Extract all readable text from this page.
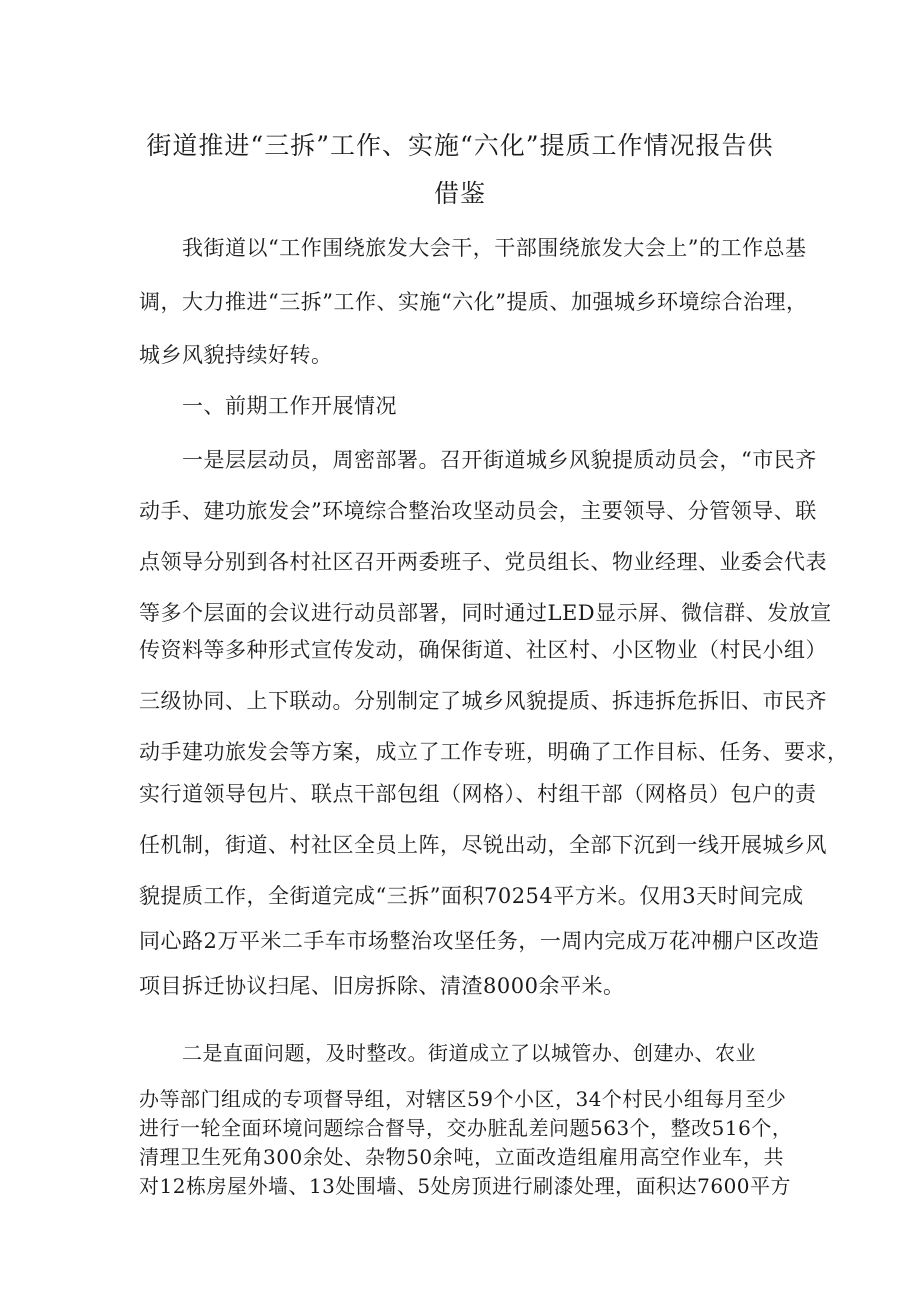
街道推进“三拆”工作、实施“六化”提质工作情况报告供
借鉴
我街道以“工作围绕旅发大会干，干部围绕旅发大会上”的工作总基
调，大力推进“三拆”工作、实施“六化”提质、加强城乡环境综合治理，
城乡风貌持续好转。
一、前期工作开展情况
一是层层动员，周密部署。召开街道城乡风貌提质动员会，“市民齐
动手、建功旅发会”环境综合整治攻坚动员会，主要领导、分管领导、联
点领导分别到各村社区召开两委班子、党员组长、物业经理、业委会代表
等多个层面的会议进行动员部署，同时通过LED显示屏、微信群、发放宣
传资料等多种形式宣传发动，确保街道、社区村、小区物业（村民小组）
三级协同、上下联动。分别制定了城乡风貌提质、拆违拆危拆旧、市民齐
动手建功旅发会等方案，成立了工作专班，明确了工作目标、任务、要求，
实行道领导包片、联点干部包组（网格）、村组干部（网格员）包户的责
任机制，街道、村社区全员上阵，尽锐出动，全部下沉到一线开展城乡风
貌提质工作，全街道完成“三拆”面积70254平方米。仅用3天时间完成
同心路2万平米二手车市场整治攻坚任务，一周内完成万花冲棚户区改造
项目拆迁协议扫尾、旧房拆除、清渣8000余平米。
二是直面问题，及时整改。街道成立了以城管办、创建办、农业
办等部门组成的专项督导组，对辖区59个小区，34个村民小组每月至少
进行一轮全面环境问题综合督导，交办脏乱差问题563个，整改516个，
清理卫生死角300余处、杂物50余吨，立面改造组雇用高空作业车，共
对12栋房屋外墙、13处围墙、5处房顶进行刷漆处理，面积达7600平方
